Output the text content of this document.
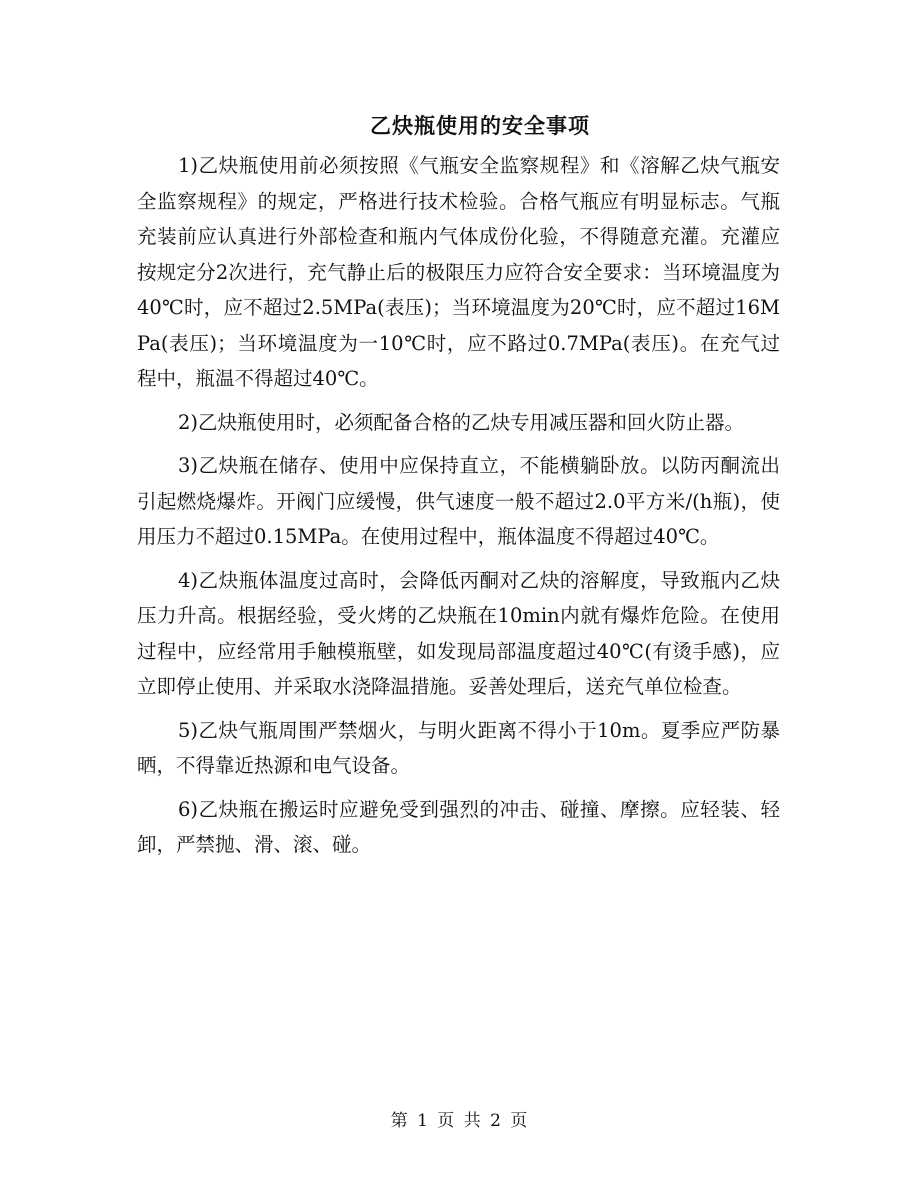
乙炔瓶使用的安全事项

1)乙炔瓶使用前必须按照《气瓶安全监察规程》和《溶解乙炔气瓶安全监察规程》的规定，严格进行技术检验。合格气瓶应有明显标志。气瓶充装前应认真进行外部检查和瓶内气体成份化验，不得随意充灌。充灌应按规定分2次进行，充气静止后的极限压力应符合安全要求：当环境温度为40℃时，应不超过2.5MPa(表压)；当环境温度为20℃时，应不超过16MPa(表压)；当环境温度为一10℃时，应不路过0.7MPa(表压)。在充气过程中，瓶温不得超过40℃。

2)乙炔瓶使用时，必须配备合格的乙炔专用减压器和回火防止器。

3)乙炔瓶在储存、使用中应保持直立，不能横躺卧放。以防丙酮流出引起燃烧爆炸。开阀门应缓慢，供气速度一般不超过2.0平方米/(h瓶)，使用压力不超过0.15MPa。在使用过程中，瓶体温度不得超过40℃。

4)乙炔瓶体温度过高时，会降低丙酮对乙炔的溶解度，导致瓶内乙炔压力升高。根据经验，受火烤的乙炔瓶在10min内就有爆炸危险。在使用过程中，应经常用手触模瓶壁，如发现局部温度超过40℃(有烫手感)，应立即停止使用、并采取水浇降温措施。妥善处理后，送充气单位检查。

5)乙炔气瓶周围严禁烟火，与明火距离不得小于10m。夏季应严防暴晒，不得靠近热源和电气设备。

6)乙炔瓶在搬运时应避免受到强烈的冲击、碰撞、摩擦。应轻装、轻卸，严禁抛、滑、滚、碰。

第 1 页 共 2 页
